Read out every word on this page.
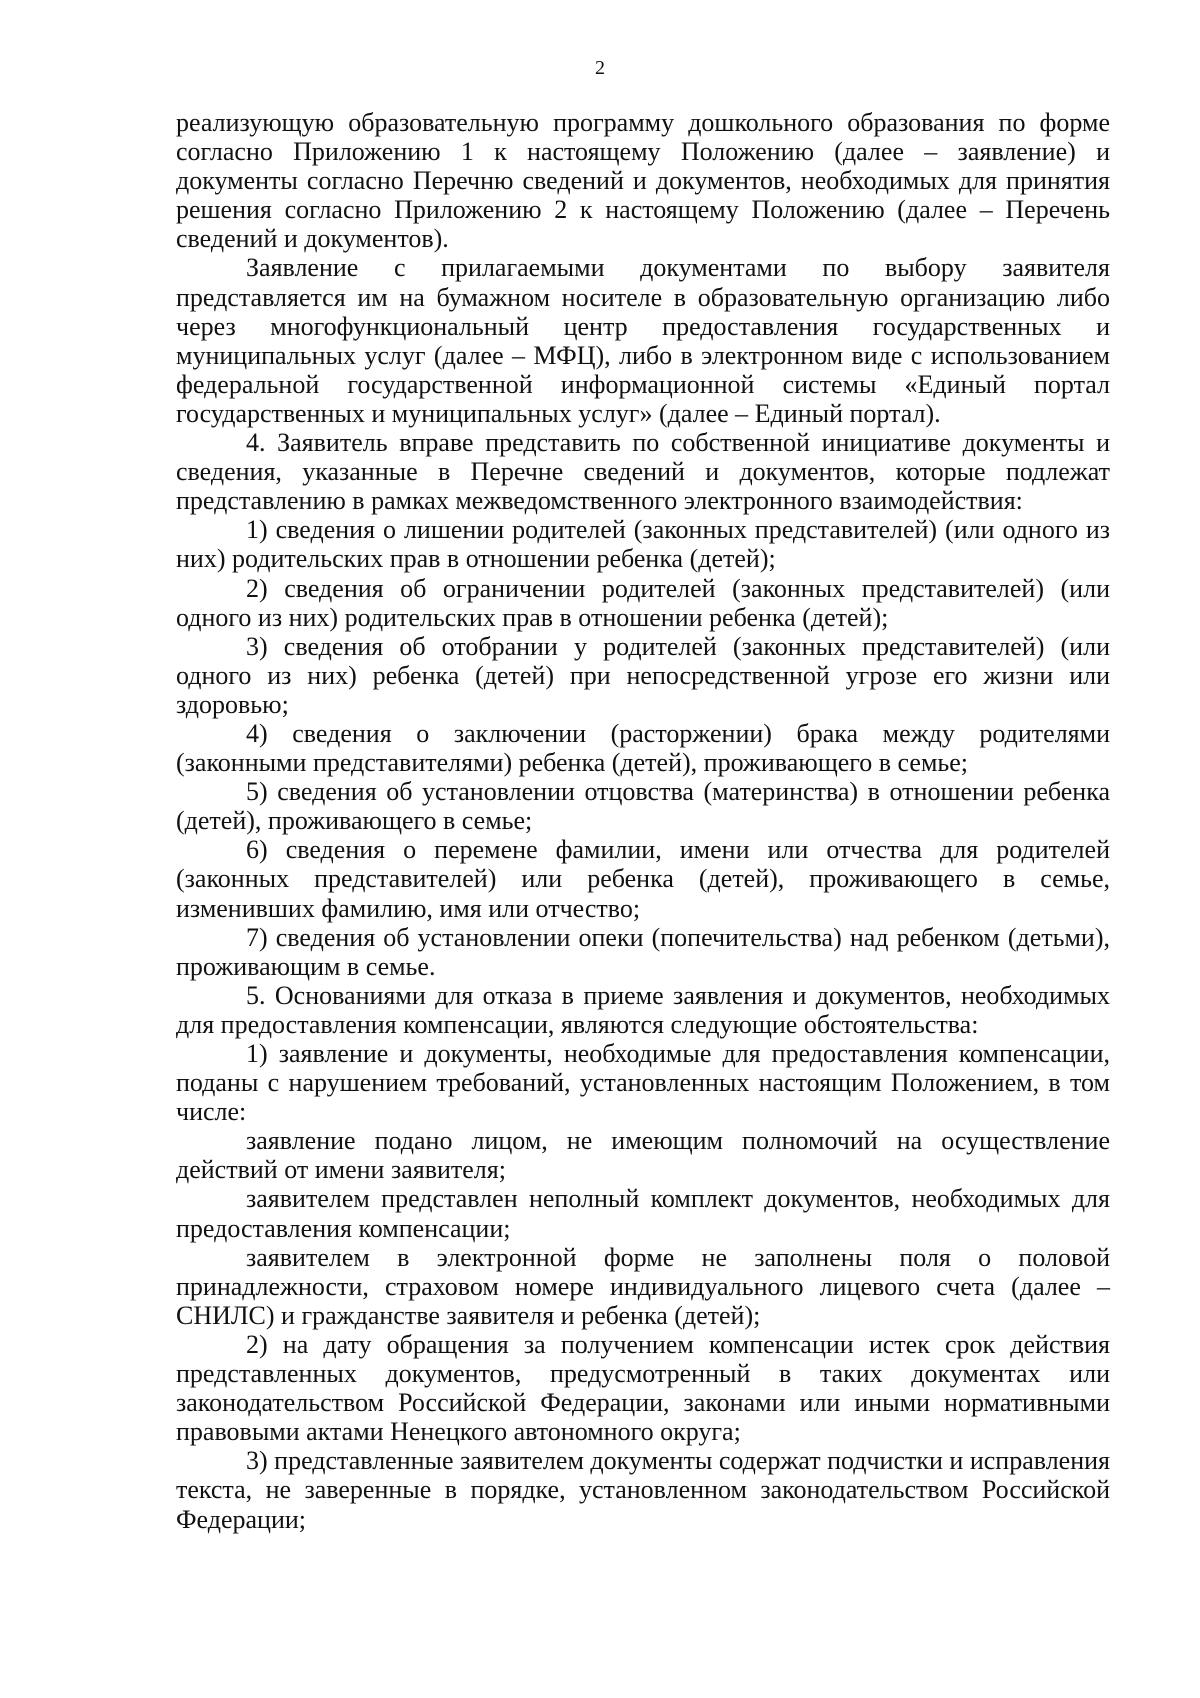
2

реализующую образовательную программу дошкольного образования по форме согласно Приложению 1 к настоящему Положению (далее – заявление) и документы согласно Перечню сведений и документов, необходимых для принятия решения согласно Приложению 2 к настоящему Положению (далее – Перечень сведений и документов).

Заявление с прилагаемыми документами по выбору заявителя представляется им на бумажном носителе в образовательную организацию либо через многофункциональный центр предоставления государственных и муниципальных услуг (далее – МФЦ), либо в электронном виде с использованием федеральной государственной информационной системы «Единый портал государственных и муниципальных услуг» (далее – Единый портал).

4. Заявитель вправе представить по собственной инициативе документы и сведения, указанные в Перечне сведений и документов, которые подлежат представлению в рамках межведомственного электронного взаимодействия:

1) сведения о лишении родителей (законных представителей) (или одного из них) родительских прав в отношении ребенка (детей);

2) сведения об ограничении родителей (законных представителей) (или одного из них) родительских прав в отношении ребенка (детей);

3) сведения об отобрании у родителей (законных представителей) (или одного из них) ребенка (детей) при непосредственной угрозе его жизни или здоровью;

4) сведения о заключении (расторжении) брака между родителями (законными представителями) ребенка (детей), проживающего в семье;

5) сведения об установлении отцовства (материнства) в отношении ребенка (детей), проживающего в семье;

6) сведения о перемене фамилии, имени или отчества для родителей (законных представителей) или ребенка (детей), проживающего в семье, изменивших фамилию, имя или отчество;

7) сведения об установлении опеки (попечительства) над ребенком (детьми), проживающим в семье.

5. Основаниями для отказа в приеме заявления и документов, необходимых для предоставления компенсации, являются следующие обстоятельства:

1) заявление и документы, необходимые для предоставления компенсации, поданы с нарушением требований, установленных настоящим Положением, в том числе:

заявление подано лицом, не имеющим полномочий на осуществление действий от имени заявителя;

заявителем представлен неполный комплект документов, необходимых для предоставления компенсации;

заявителем в электронной форме не заполнены поля о половой принадлежности, страховом номере индивидуального лицевого счета (далее – СНИЛС) и гражданстве заявителя и ребенка (детей);

2) на дату обращения за получением компенсации истек срок действия представленных документов, предусмотренный в таких документах или законодательством Российской Федерации, законами или иными нормативными правовыми актами Ненецкого автономного округа;

3) представленные заявителем документы содержат подчистки и исправления текста, не заверенные в порядке, установленном законодательством Российской Федерации;
